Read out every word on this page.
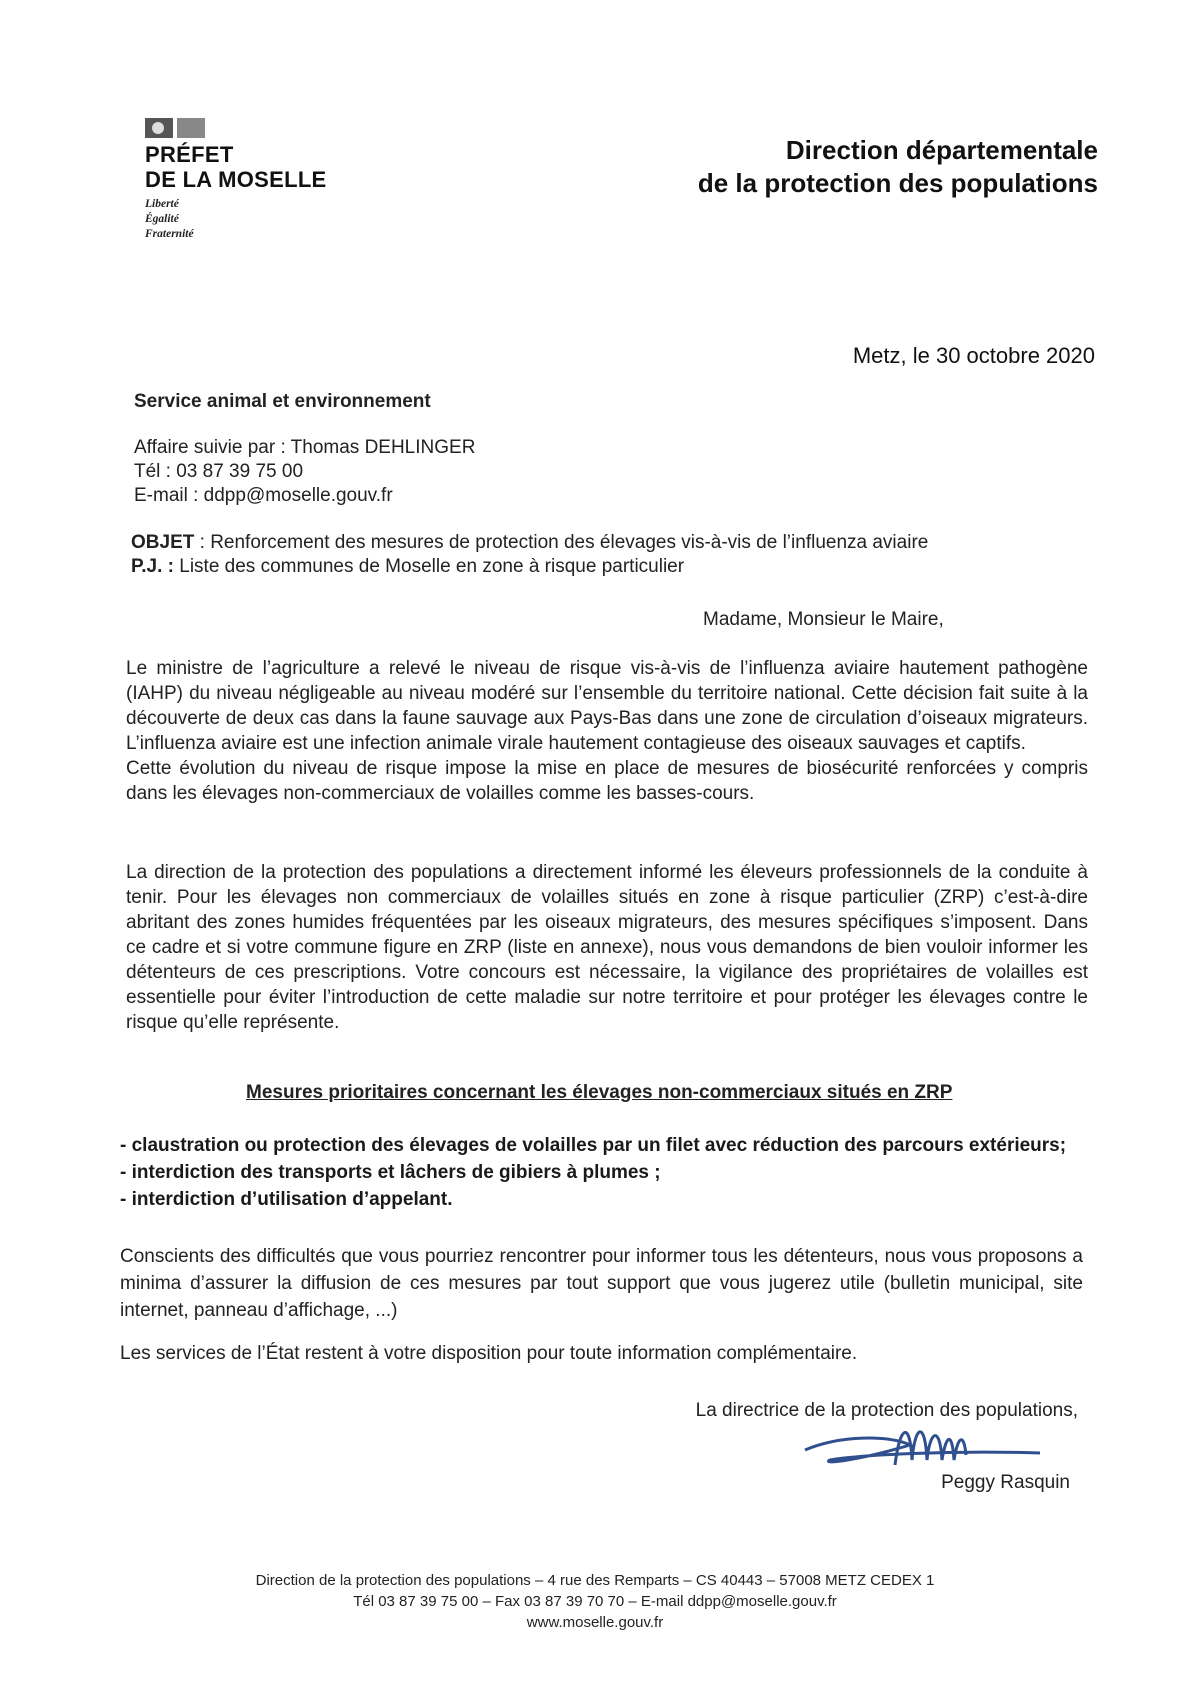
PRÉFET
DE LA MOSELLE
Liberté
Égalité
Fraternité
Direction départementale
de la protection des populations
Metz, le 30 octobre 2020
Service animal et environnement
Affaire suivie par : Thomas DEHLINGER
Tél : 03 87 39 75 00
E-mail : ddpp@moselle.gouv.fr
OBJET : Renforcement des mesures de protection des élevages vis-à-vis de l’influenza aviaire
P.J. : Liste des communes de Moselle en zone à risque particulier
Madame, Monsieur le Maire,
Le ministre de l’agriculture a relevé le niveau de risque vis-à-vis de l’influenza aviaire hautement pathogène (IAHP) du niveau négligeable au niveau modéré sur l’ensemble du territoire national. Cette décision fait suite à la découverte de deux cas dans la faune sauvage aux Pays-Bas dans une zone de circulation d’oiseaux migrateurs. L’influenza aviaire est une infection animale virale hautement contagieuse des oiseaux sauvages et captifs.
Cette évolution du niveau de risque impose la mise en place de mesures de biosécurité renforcées y compris dans les élevages non-commerciaux de volailles comme les basses-cours.
La direction de la protection des populations a directement informé les éleveurs professionnels de la conduite à tenir. Pour les élevages non commerciaux de volailles situés en zone à risque particulier (ZRP) c’est-à-dire abritant des zones humides fréquentées par les oiseaux migrateurs, des mesures spécifiques s’imposent. Dans ce cadre et si votre commune figure en ZRP (liste en annexe), nous vous demandons de bien vouloir informer les détenteurs de ces prescriptions. Votre concours est nécessaire, la vigilance des propriétaires de volailles est essentielle pour éviter l’introduction de cette maladie sur notre territoire et pour protéger les élevages contre le risque qu’elle représente.
Mesures prioritaires concernant les élevages non-commerciaux situés en ZRP
- claustration ou protection des élevages de volailles par un filet avec réduction des parcours extérieurs;
- interdiction des transports et lâchers de gibiers à plumes ;
- interdiction d’utilisation d’appelant.
Conscients des difficultés que vous pourriez rencontrer pour informer tous les détenteurs, nous vous proposons a minima d’assurer la diffusion de ces mesures par tout support que vous jugerez utile (bulletin municipal, site internet, panneau d’affichage, ...)
Les services de l’État restent à votre disposition pour toute information complémentaire.
La directrice de la protection des populations,
Peggy Rasquin
Direction de la protection des populations – 4 rue des Remparts – CS 40443 – 57008 METZ CEDEX 1
Tél 03 87 39 75 00 – Fax 03 87 39 70 70 – E-mail ddpp@moselle.gouv.fr
www.moselle.gouv.fr
